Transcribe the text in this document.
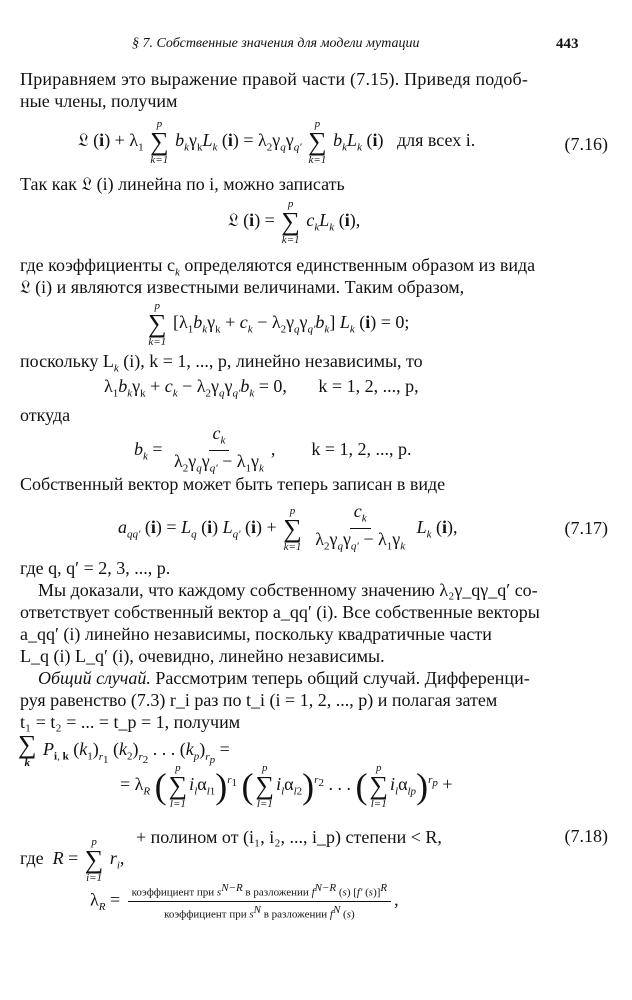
§ 7. Собственные значения для модели мутации	443
Приравняем это выражение правой части (7.15). Приведя подоб-
ные члены, получим
𝔏 $(i) + \lambda_1$
p
∑
k=1
$b_k\gamma_kL_k$ $(i) = \lambda_2\gamma_q\gamma_{q'}$
p
∑
k=1
$b_kL_k$ (i)   для всех i.	(7.16)
Так как 𝔏 (i) линейна по i, можно записать
𝔏 (i) =
p
∑
k=1
$c_kL_k$ (i),
где коэффициенты $c_k$ определяются единственным образом из вида
𝔏 (i) и являются известными величинами. Таким образом,
p
∑
k=1
$[\lambda_1b_k\gamma_k + c_k - \lambda_2\gamma_q\gamma_{q'}b_k]$ $L_k$ (i) = 0;
поскольку $L_k$ (i), k = 1, ..., p, линейно независимы, то
$\lambda_1b_k\gamma_k + c_k - \lambda_2\gamma_q\gamma_{q'}b_k = 0$,       k = 1, 2, ..., p,
откуда
$b_k = \frac{c_k}{\lambda_2\gamma_q\gamma_{q'} - \lambda_1\gamma_k}$ ,        k = 1, 2, ..., p.
Собственный вектор может быть теперь записан в виде
$a_{qq'}$ $(i) = L_q$ (i) $L_{q'}$ (i) +
p
∑
k=1
$\frac{c_k}{\lambda_2\gamma_q\gamma_{q'} - \lambda_1\gamma_k} L_k$ (i),	(7.17)
где q, q′ = 2, 3, ..., p.
Мы доказали, что каждому собственному значению λ₂γ_qγ_q′ со-
ответствует собственный вектор a_qq′ (i). Все собственные векторы
a_qq′ (i) линейно независимы, поскольку квадратичные части
L_q (i) L_q′ (i), очевидно, линейно независимы.
Общий случай. Рассмотрим теперь общий случай. Дифференци-
руя равенство (7.3) r_i раз по t_i (i = 1, 2, ..., p) и полагая затем
t₁ = t₂ = ... = t_p = 1, получим
∑
k
$P_{i, k}$ $(k_1)_{r_1}$ $(k_2)_{r_2}$ . . . $(k_p)_{r_p}$ =
= $\lambda_R$ ( p
∑
l=1
$i_l\alpha_{l1})^{r_1}$ ( p
∑
l=1
$i_l\alpha_{l2})^{r_2}$ . . . ( p
∑
l=1
$i_l\alpha_{lp})^{r_p}$ +
+ полином от (i₁, i₂, ..., i_p) степени < R,	(7.18)
где R =
p
∑
i=1
$r_i$,
$\lambda_R = \frac{коэффициент при s^{N-R} в разложении f^{N-R} (s) [f' (s)]^R}{коэффициент при s^N в разложении f^N (s)}$ ,
